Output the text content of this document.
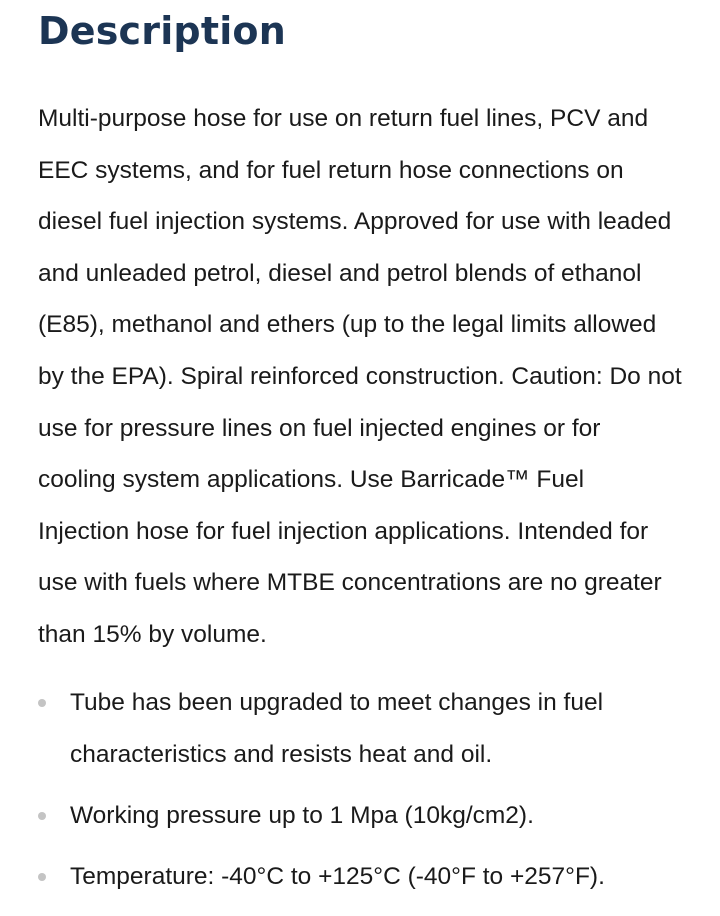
Description

Multi-purpose hose for use on return fuel lines, PCV and EEC systems, and for fuel return hose connections on diesel fuel injection systems. Approved for use with leaded and unleaded petrol, diesel and petrol blends of ethanol (E85), methanol and ethers (up to the legal limits allowed by the EPA). Spiral reinforced construction. Caution: Do not use for pressure lines on fuel injected engines or for cooling system applications. Use Barricade™ Fuel Injection hose for fuel injection applications. Intended for use with fuels where MTBE concentrations are no greater than 15% by volume.

Tube has been upgraded to meet changes in fuel characteristics and resists heat and oil.
Working pressure up to 1 Mpa (10kg/cm2).
Temperature: -40°C to +125°C (-40°F to +257°F).
